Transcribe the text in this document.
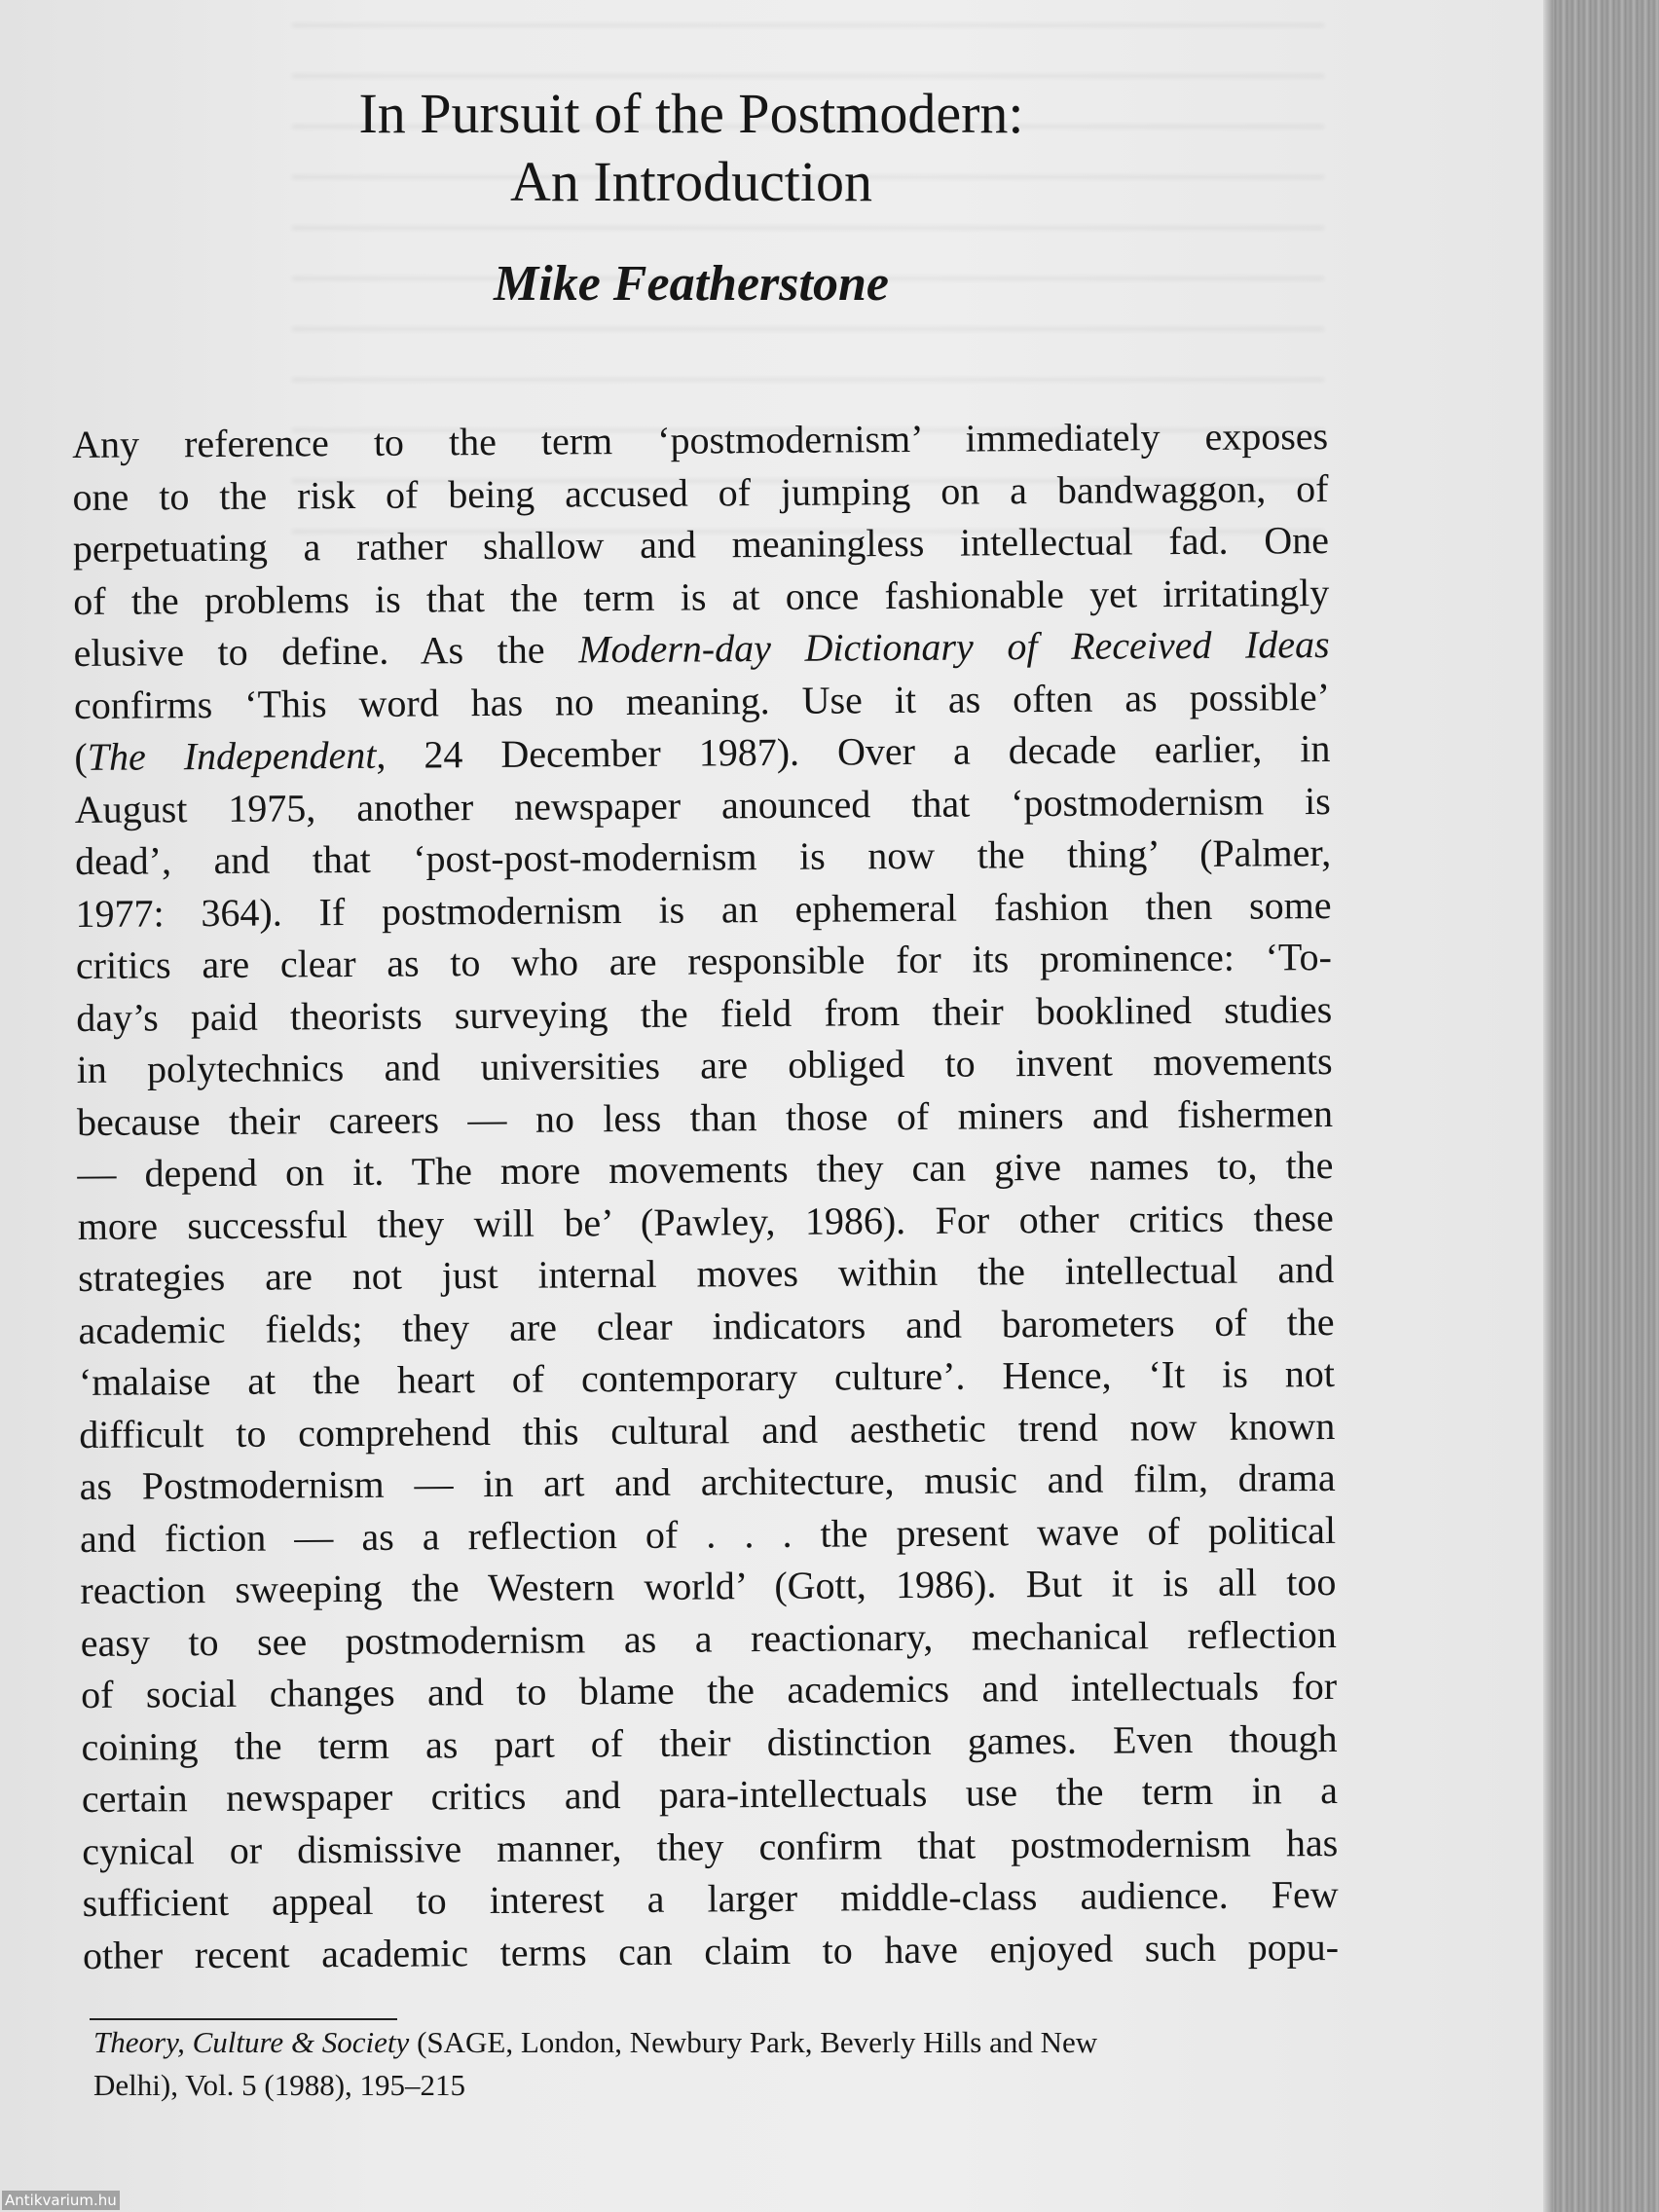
In Pursuit of the Postmodern:
An Introduction
Mike Featherstone
Any reference to the term ‘postmodernism’ immediately exposes
one to the risk of being accused of jumping on a bandwaggon, of
perpetuating a rather shallow and meaningless intellectual fad. One
of the problems is that the term is at once fashionable yet irritatingly
elusive to define. As the Modern-day Dictionary of Received Ideas
confirms ‘This word has no meaning. Use it as often as possible’
(The Independent, 24 December 1987). Over a decade earlier, in
August 1975, another newspaper anounced that ‘postmodernism is
dead’, and that ‘post-post-modernism is now the thing’ (Palmer,
1977: 364). If postmodernism is an ephemeral fashion then some
critics are clear as to who are responsible for its prominence: ‘To-
day’s paid theorists surveying the field from their booklined studies
in polytechnics and universities are obliged to invent movements
because their careers — no less than those of miners and fishermen
— depend on it. The more movements they can give names to, the
more successful they will be’ (Pawley, 1986). For other critics these
strategies are not just internal moves within the intellectual and
academic fields; they are clear indicators and barometers of the
‘malaise at the heart of contemporary culture’. Hence, ‘It is not
difficult to comprehend this cultural and aesthetic trend now known
as Postmodernism — in art and architecture, music and film, drama
and fiction — as a reflection of . . . the present wave of political
reaction sweeping the Western world’ (Gott, 1986). But it is all too
easy to see postmodernism as a reactionary, mechanical reflection
of social changes and to blame the academics and intellectuals for
coining the term as part of their distinction games. Even though
certain newspaper critics and para-intellectuals use the term in a
cynical or dismissive manner, they confirm that postmodernism has
sufficient appeal to interest a larger middle-class audience. Few
other recent academic terms can claim to have enjoyed such popu-

Theory, Culture & Society (SAGE, London, Newbury Park, Beverly Hills and New
Delhi), Vol. 5 (1988), 195–215

Antikvarium.hu
